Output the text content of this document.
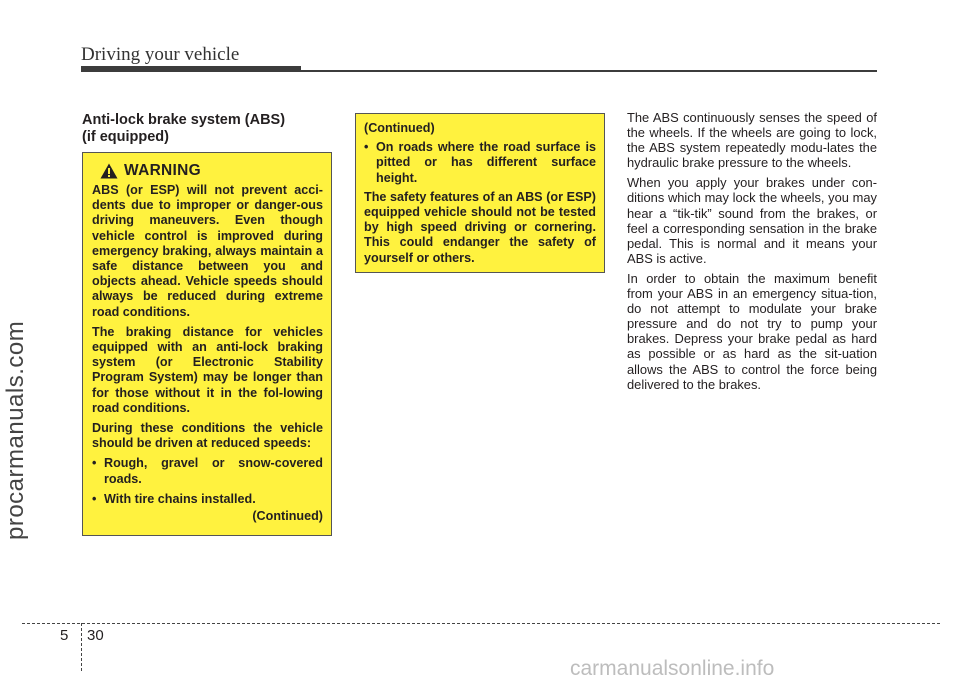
Driving your vehicle
procarmanuals.com
Anti-lock brake system (ABS)
(if equipped)
WARNING

ABS (or ESP) will not prevent acci-dents due to improper or danger-ous driving maneuvers. Even though vehicle control is improved during emergency braking, always maintain a safe distance between you and objects ahead. Vehicle speeds should always be reduced during extreme road conditions.

The braking distance for vehicles equipped with an anti-lock braking system (or Electronic Stability Program System) may be longer than for those without it in the fol-lowing road conditions.

During these conditions the vehicle should be driven at reduced speeds:

• Rough, gravel or snow-covered roads.
• With tire chains installed.
(Continued)

(Continued)

• On roads where the road surface is pitted or has different surface height.

The safety features of an ABS (or ESP) equipped vehicle should not be tested by high speed driving or cornering. This could endanger the safety of yourself or others.

The ABS continuously senses the speed of the wheels. If the wheels are going to lock, the ABS system repeatedly modu-lates the hydraulic brake pressure to the wheels.

When you apply your brakes under con-ditions which may lock the wheels, you may hear a “tik-tik” sound from the brakes, or feel a corresponding sensation in the brake pedal. This is normal and it means your ABS is active.

In order to obtain the maximum benefit from your ABS in an emergency situa-tion, do not attempt to modulate your brake pressure and do not try to pump your brakes. Depress your brake pedal as hard as possible or as hard as the sit-uation allows the ABS to control the force being delivered to the brakes.

5 30
carmanualsonline.info
